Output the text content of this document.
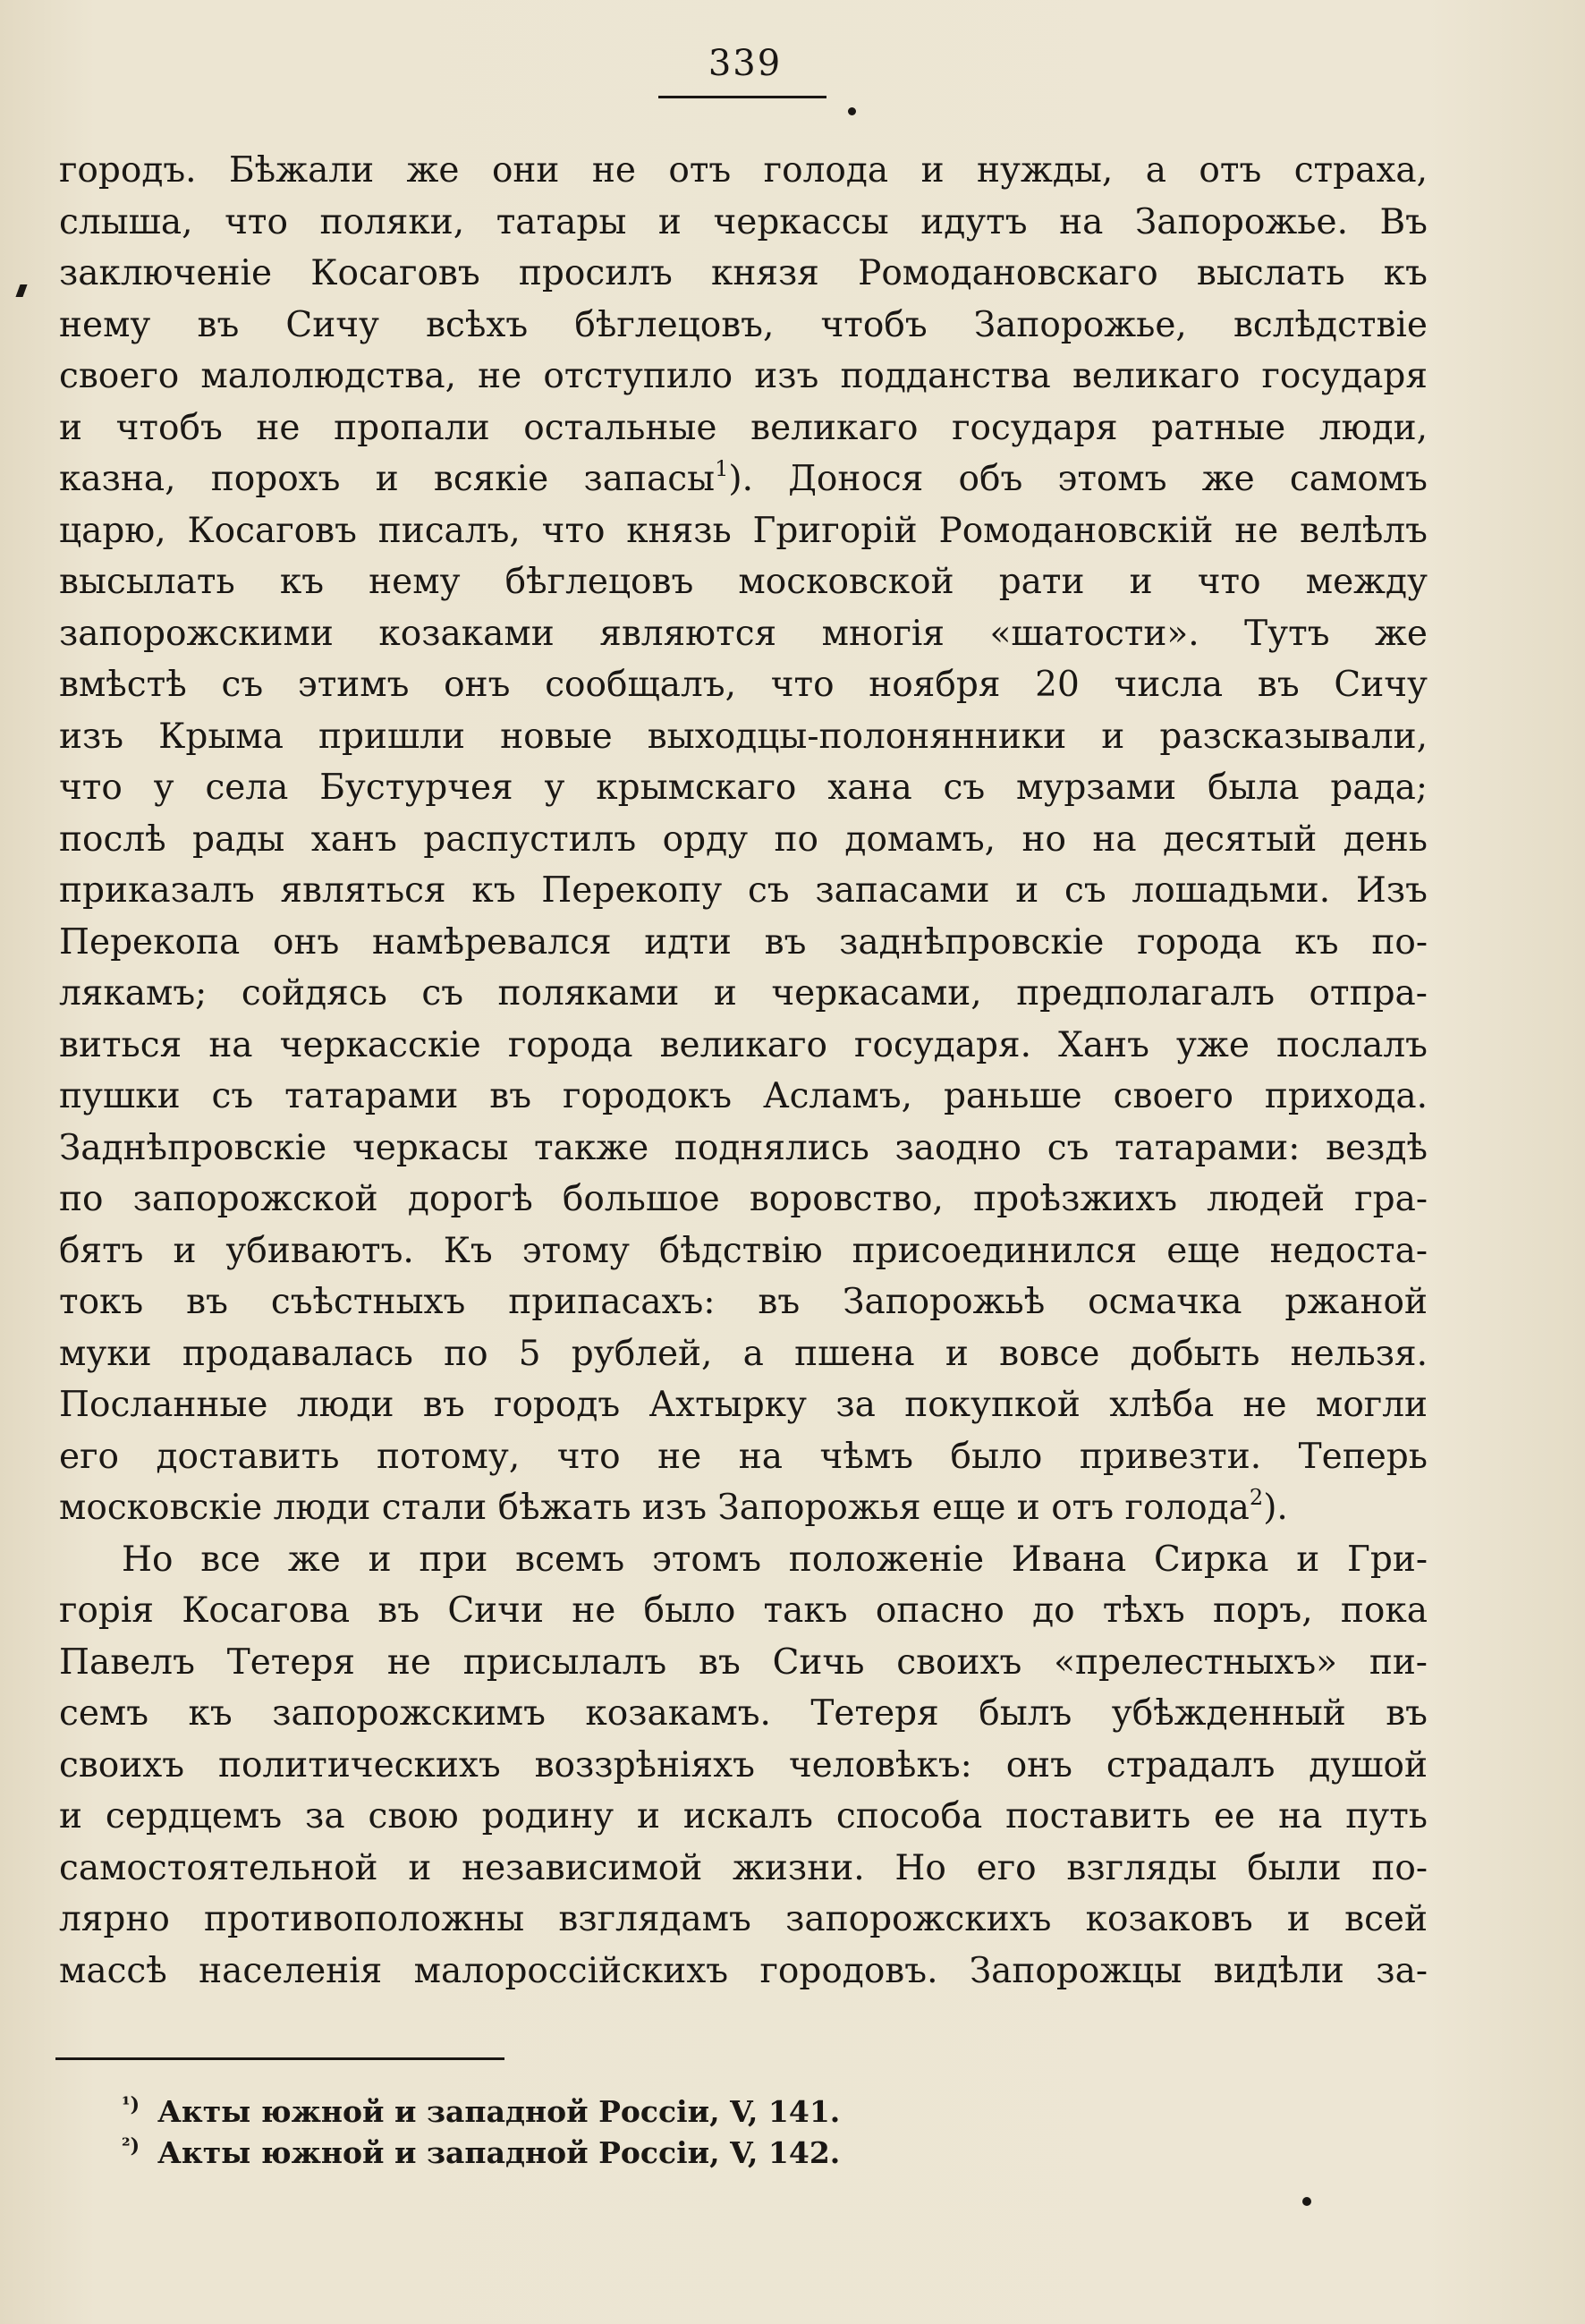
339
городъ. Бѣжали же они не отъ голода и нужды, а отъ страха,
слыша, что поляки, татары и черкассы идутъ на Запорожье. Въ
заключеніе Косаговъ просилъ князя Ромодановскаго выслать къ
нему въ Сичу всѣхъ бѣглецовъ, чтобъ Запорожье, вслѣдствіе
своего малолюдства, не отступило изъ подданства великаго государя
и чтобъ не пропали остальные великаго государя ратные люди,
казна, порохъ и всякіе запасы$^1$). Донося объ этомъ же самомъ
царю, Косаговъ писалъ, что князь Григорій Ромодановскій не велѣлъ
высылать къ нему бѣглецовъ московской рати и что между
запорожскими козаками являются многія «шатости». Тутъ же
вмѣстѣ съ этимъ онъ сообщалъ, что ноября 20 числа въ Сичу
изъ Крыма пришли новые выходцы-полонянники и разсказывали,
что у села Бустурчея у крымскаго хана съ мурзами была рада;
послѣ рады ханъ распустилъ орду по домамъ, но на десятый день
приказалъ являться къ Перекопу съ запасами и съ лошадьми. Изъ
Перекопа онъ намѣревался идти въ заднѣпровскіе города къ по-
лякамъ; сойдясь съ поляками и черкасами, предполагалъ отпра-
виться на черкасскіе города великаго государя. Ханъ уже послалъ
пушки съ татарами въ городокъ Асламъ, раньше своего прихода.
Заднѣпровскіе черкасы также поднялись заодно съ татарами: вездѣ
по запорожской дорогѣ большое воровство, проѣзжихъ людей гра-
бятъ и убиваютъ. Къ этому бѣдствію присоединился еще недоста-
токъ въ съѣстныхъ припасахъ: въ Запорожьѣ осмачка ржаной
муки продавалась по 5 рублей, а пшена и вовсе добыть нельзя.
Посланные люди въ городъ Ахтырку за покупкой хлѣба не могли
его доставить потому, что не на чѣмъ было привезти. Теперь
московскіе люди стали бѣжать изъ Запорожья еще и отъ голода$^2$).
Но все же и при всемъ этомъ положеніе Ивана Сирка и Гри-
горія Косагова въ Сичи не было такъ опасно до тѣхъ поръ, пока
Павелъ Тетеря не присылалъ въ Сичь своихъ «прелестныхъ» пи-
семъ къ запорожскимъ козакамъ. Тетеря былъ убѣжденный въ
своихъ политическихъ воззрѣніяхъ человѣкъ: онъ страдалъ душой
и сердцемъ за свою родину и искалъ способа поставить ее на путь
самостоятельной и независимой жизни. Но его взгляды были по-
лярно противоположны взглядамъ запорожскихъ козаковъ и всей
массѣ населенія малороссійскихъ городовъ. Запорожцы видѣли за-
¹) Акты южной и западной Россіи, V, 141.
²) Акты южной и западной Россіи, V, 142.
